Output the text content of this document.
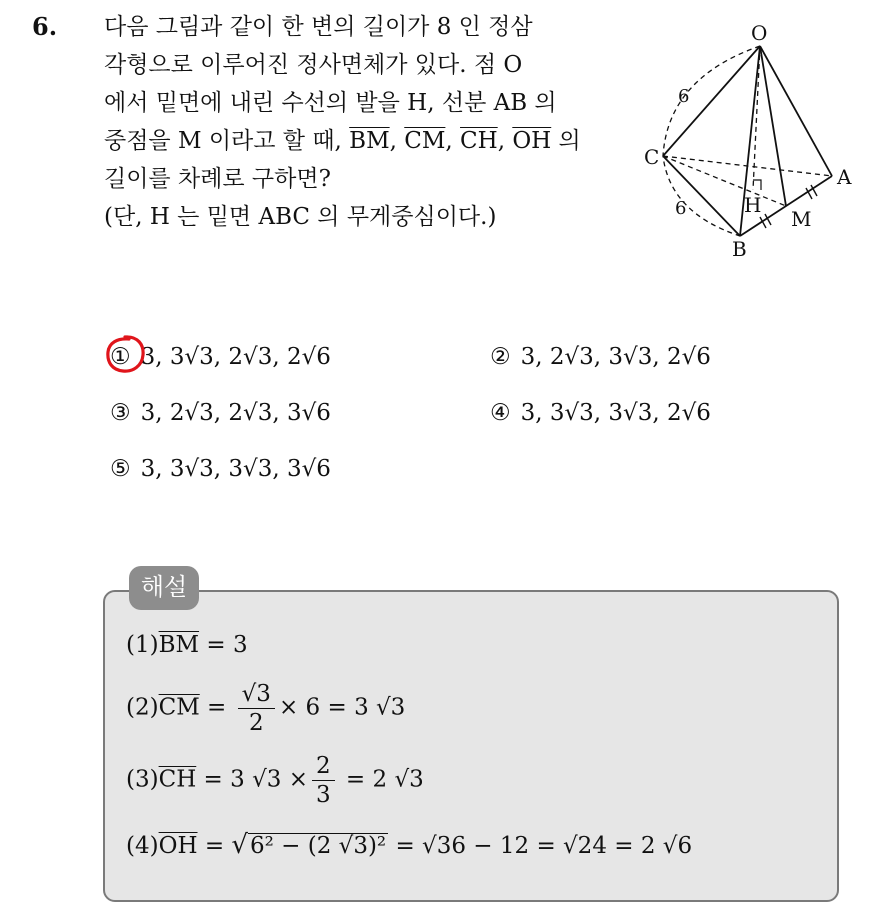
6. 다음 그림과 같이 한 변의 길이가 8 인 정삼
각형으로 이루어진 정사면체가 있다. 점 O
에서 밑면에 내린 수선의 발을 H, 선분 AB 의
중점을 M 이라고 할 때, $\overline{BM}$, $\overline{CM}$, $\overline{CH}$, $\overline{OH}$ 의
길이를 차례로 구하면?
(단, H 는 밑면 ABC 의 무게중심이다.)
O
A
B
C
H
M
6
6
① 3, 3√3, 2√3, 2√6	② 3, 2√3, 3√3, 2√6
③ 3, 2√3, 2√3, 3√6	④ 3, 3√3, 3√3, 2√6
⑤ 3, 3√3, 3√3, 3√6
해설
$(1)\overline{BM} = 3$
$(2)\overline{CM} = \frac{√3}{2} \times 6 = 3$ √3
$(3)\overline{CH} = 3$ $√3 \times \frac{2}{3} = 2$ √3
$(4)\overline{OH} = √6^2 - (2$ √3)² = √36 − 12 = √24 = 2 √6
